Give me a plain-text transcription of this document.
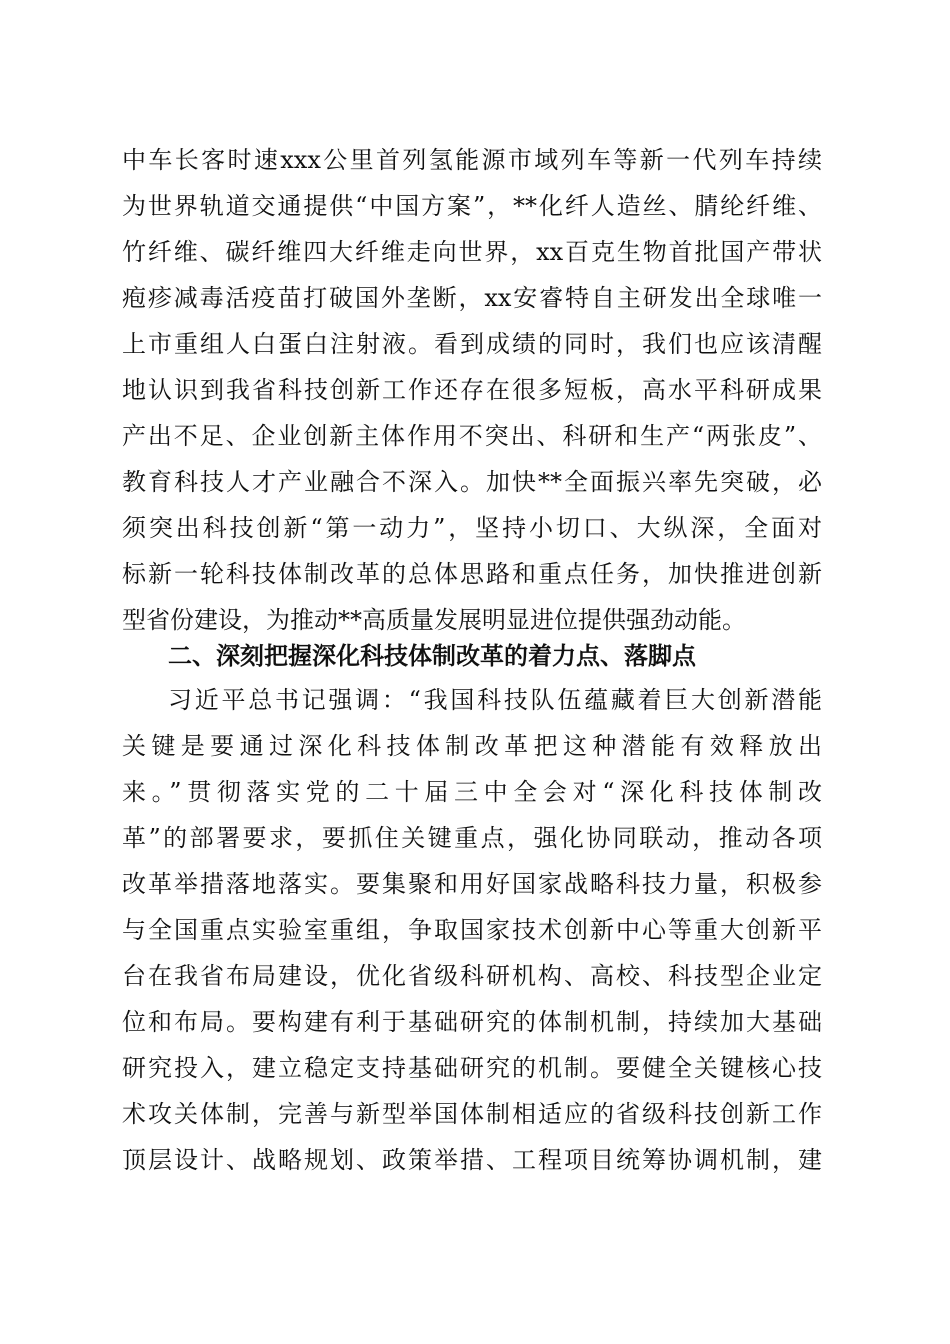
中车长客时速xxx公里首列氢能源市域列车等新一代列车持续
为世界轨道交通提供“中国方案”，**化纤人造丝、腈纶纤维、
竹纤维、碳纤维四大纤维走向世界，xx百克生物首批国产带状
疱疹减毒活疫苗打破国外垄断，xx安睿特自主研发出全球唯一
上市重组人白蛋白注射液。看到成绩的同时，我们也应该清醒
地认识到我省科技创新工作还存在很多短板，高水平科研成果
产出不足、企业创新主体作用不突出、科研和生产“两张皮”、
教育科技人才产业融合不深入。加快**全面振兴率先突破，必
须突出科技创新“第一动力”，坚持小切口、大纵深，全面对
标新一轮科技体制改革的总体思路和重点任务，加快推进创新
型省份建设，为推动**高质量发展明显进位提供强劲动能。
二、深刻把握深化科技体制改革的着力点、落脚点
习近平总书记强调：“我国科技队伍蕴藏着巨大创新潜能
关键是要通过深化科技体制改革把这种潜能有效释放出
来。”贯彻落实党的二十届三中全会对“深化科技体制改
革”的部署要求，要抓住关键重点，强化协同联动，推动各项
改革举措落地落实。要集聚和用好国家战略科技力量，积极参
与全国重点实验室重组，争取国家技术创新中心等重大创新平
台在我省布局建设，优化省级科研机构、高校、科技型企业定
位和布局。要构建有利于基础研究的体制机制，持续加大基础
研究投入，建立稳定支持基础研究的机制。要健全关键核心技
术攻关体制，完善与新型举国体制相适应的省级科技创新工作
顶层设计、战略规划、政策举措、工程项目统筹协调机制，建
